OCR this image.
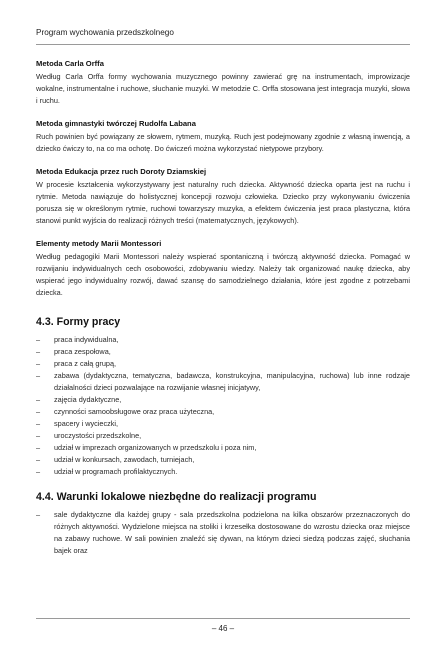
Program wychowania przedszkolnego
Metoda Carla Orffa

Według Carla Orffa formy wychowania muzycznego powinny zawierać grę na instrumentach, improwizacje wokalne, instrumentalne i ruchowe, słuchanie muzyki. W metodzie C. Orffa stosowana jest integracja muzyki, słowa i ruchu.

Metoda gimnastyki twórczej Rudolfa Labana

Ruch powinien być powiązany ze słowem, rytmem, muzyką. Ruch jest podejmowany zgodnie z własną inwencją, a dziecko ćwiczy to, na co ma ochotę. Do ćwiczeń można wykorzystać nietypowe przybory.

Metoda Edukacja przez ruch Doroty Dziamskiej

W procesie kształcenia wykorzystywany jest naturalny ruch dziecka. Aktywność dziecka oparta jest na ruchu i rytmie. Metoda nawiązuje do holistycznej koncepcji rozwoju człowieka. Dziecko przy wykonywaniu ćwiczenia porusza się w określonym rytmie, ruchowi towarzyszy muzyka, a efektem ćwiczenia jest praca plastyczna, która stanowi punkt wyjścia do realizacji różnych treści (matematycznych, językowych).

Elementy metody Marii Montessori

Według pedagogiki Marii Montessori należy wspierać spontaniczną i twórczą aktywność dziecka. Pomagać w rozwijaniu indywidualnych cech osobowości, zdobywaniu wiedzy. Należy tak organizować naukę dziecka, aby wspierać jego indywidualny rozwój, dawać szansę do samodzielnego działania, które jest zgodne z potrzebami dziecka.

4.3. Formy pracy
– praca indywidualna,
– praca zespołowa,
– praca z całą grupą,
– zabawa (dydaktyczna, tematyczna, badawcza, konstrukcyjna, manipulacyjna, ruchowa) lub inne rodzaje działalności dzieci pozwalające na rozwijanie własnej inicjatywy,
– zajęcia dydaktyczne,
– czynności samoobsługowe oraz praca użyteczna,
– spacery i wycieczki,
– uroczystości przedszkolne,
– udział w imprezach organizowanych w przedszkolu i poza nim,
– udział w konkursach, zawodach, turniejach,
– udział w programach profilaktycznych.
4.4. Warunki lokalowe niezbędne do realizacji programu
– sale dydaktyczne dla każdej grupy - sala przedszkolna podzielona na kilka obszarów przeznaczonych do różnych aktywności. Wydzielone miejsca na stoliki i krzesełka dostosowane do wzrostu dziecka oraz miejsce na zabawy ruchowe. W sali powinien znaleźć się dywan, na którym dzieci siedzą podczas zajęć, słuchania bajek oraz
– 46 –
